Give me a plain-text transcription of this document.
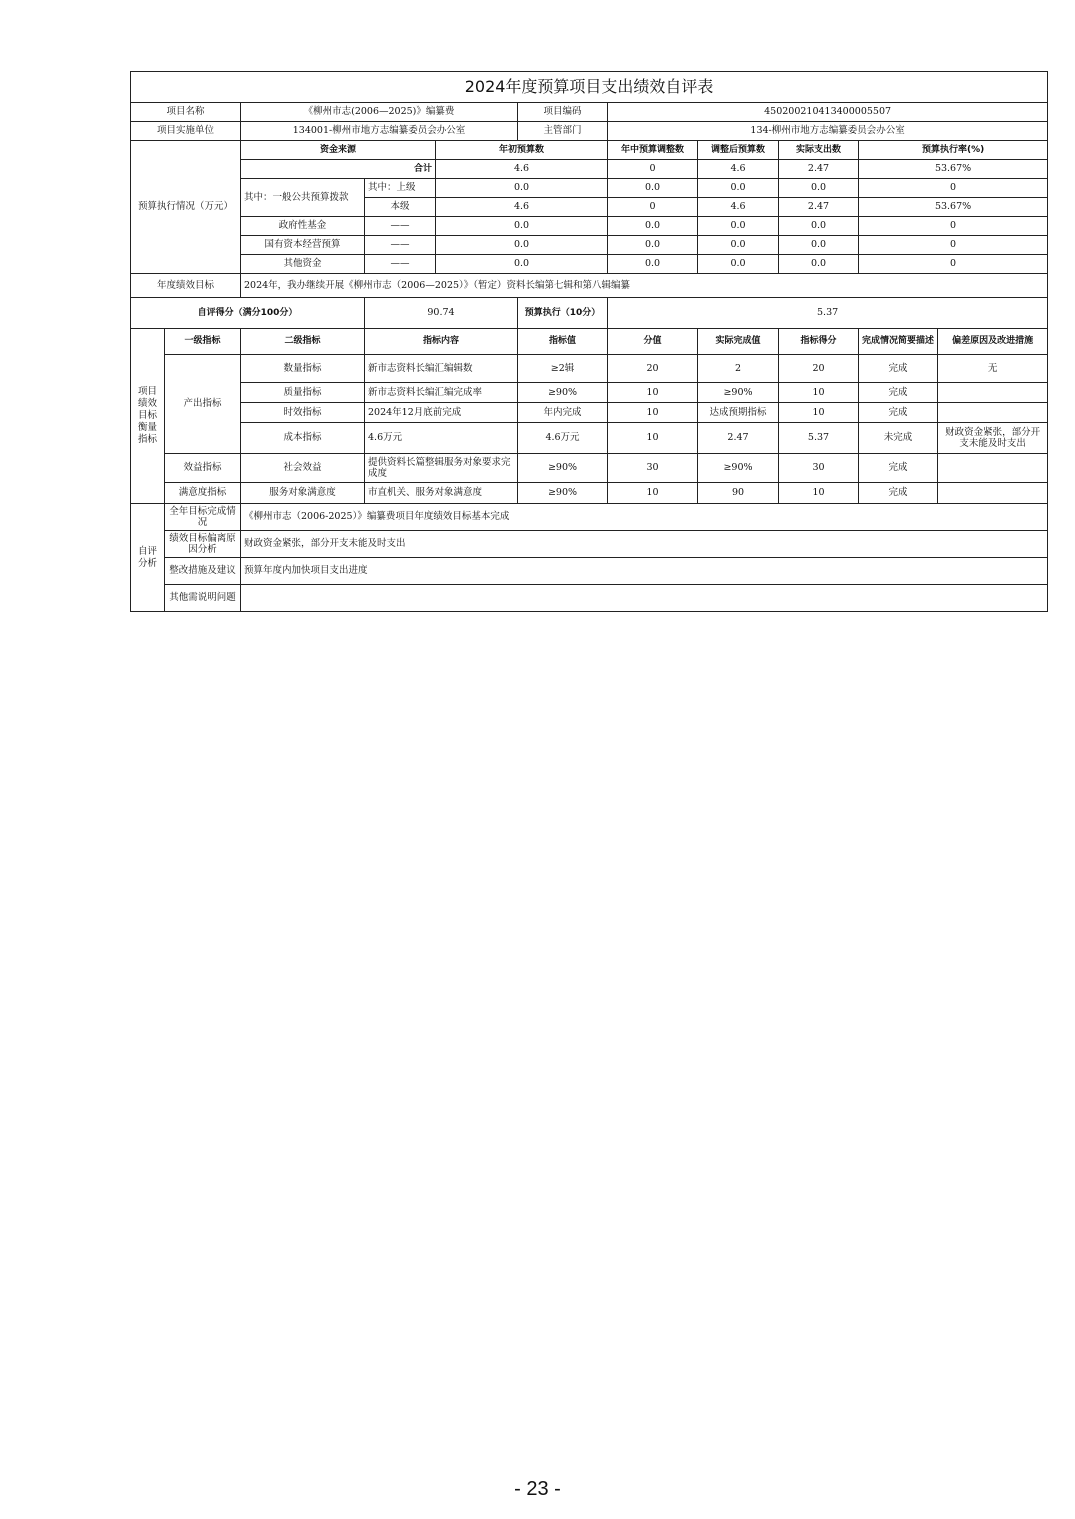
2024年度预算项目支出绩效自评表										
项目名称		《柳州市志(2006—2025)》编纂费			项目编码	450200210413400005507				
项目实施单位		134001-柳州市地方志编纂委员会办公室			主管部门	134-柳州市地方志编纂委员会办公室				
预算执行情况（万元）		资金来源		年初预算数		年中预算调整数	调整后预算数	实际支出数	预算执行率(%)	
		合计		4.6		0	4.6	2.47	53.67%	
		其中：一般公共预算拨款	其中：上级	0.0		0.0	0.0	0.0	0	
			本级	4.6		0	4.6	2.47	53.67%	
		政府性基金	——	0.0		0.0	0.0	0.0	0	
		国有资本经营预算	——	0.0		0.0	0.0	0.0	0	
		其他资金	——	0.0		0.0	0.0	0.0	0	
年度绩效目标		2024年，我办继续开展《柳州市志（2006—2025）》（暂定）资料长编第七辑和第八辑编纂								
自评得分（满分100分）			90.74		预算执行（10分）	5.37				
项目绩效目标衡量指标	一级指标	二级指标	指标内容		指标值	分值	实际完成值	指标得分	完成情况简要描述	偏差原因及改进措施
	产出指标	数量指标	新市志资料长编汇编辑数		≥2辑	20	2	20	完成	无
		质量指标	新市志资料长编汇编完成率		≥90%	10	≥90%	10	完成	
		时效指标	2024年12月底前完成		年内完成	10	达成预期指标	10	完成	
		成本指标	4.6万元		4.6万元	10	2.47	5.37	未完成	财政资金紧张，部分开支未能及时支出
	效益指标	社会效益	提供资料长篇整辑服务对象要求完成度		≥90%	30	≥90%	30	完成	
	满意度指标	服务对象满意度	市直机关、服务对象满意度		≥90%	10	90	10	完成	
自评分析	全年目标完成情况	《柳州市志（2006-2025）》编纂费项目年度绩效目标基本完成								
	绩效目标偏离原因分析	财政资金紧张，部分开支未能及时支出								
	整改措施及建议	预算年度内加快项目支出进度								
	其他需说明问题									
- 23 -
